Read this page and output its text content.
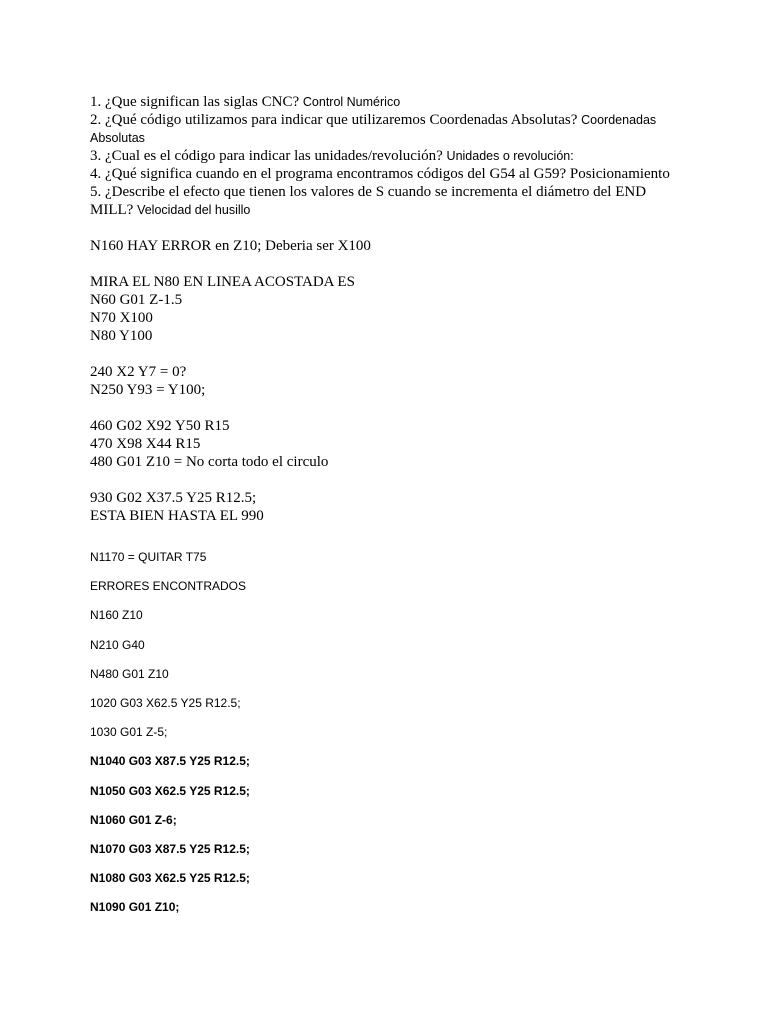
1. ¿Que significan las siglas CNC? Control Numérico

2. ¿Qué código utilizamos para indicar que utilizaremos Coordenadas Absolutas? Coordenadas Absolutas

3. ¿Cual es el código para indicar las unidades/revolución? Unidades o revolución:

4. ¿Qué significa cuando en el programa encontramos códigos del G54 al G59? Posicionamiento

5. ¿Describe el efecto que tienen los valores de S cuando se incrementa el diámetro del END MILL? Velocidad del husillo

N160 HAY ERROR en Z10; Deberia ser X100

MIRA EL N80 EN LINEA ACOSTADA ES

N60 G01 Z-1.5

N70 X100

N80 Y100

240 X2 Y7 = 0?

N250 Y93 = Y100;

460 G02 X92 Y50 R15

470 X98 X44 R15

480 G01 Z10 = No corta todo el circulo

930 G02 X37.5 Y25 R12.5;

ESTA BIEN HASTA EL 990

N1170 = QUITAR T75

ERRORES ENCONTRADOS

N160 Z10

N210 G40

N480 G01 Z10

1020 G03 X62.5 Y25 R12.5;

1030 G01 Z-5;

N1040 G03 X87.5 Y25 R12.5;

N1050 G03 X62.5 Y25 R12.5;

N1060 G01 Z-6;

N1070 G03 X87.5 Y25 R12.5;

N1080 G03 X62.5 Y25 R12.5;

N1090 G01 Z10;
